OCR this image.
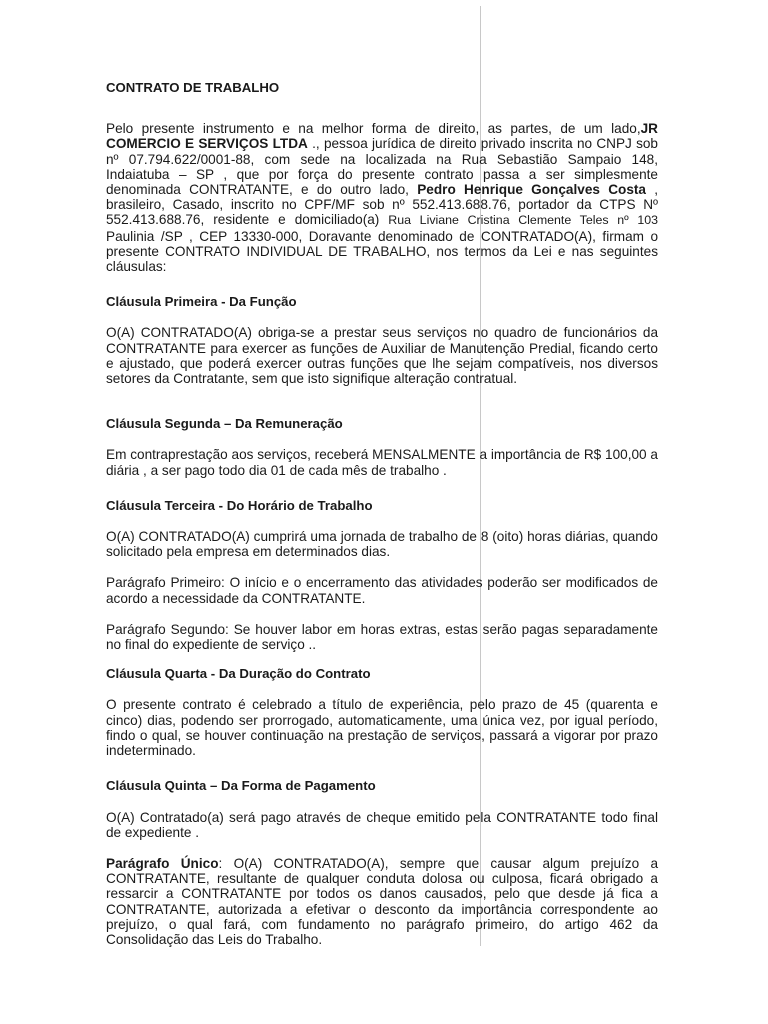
CONTRATO DE TRABALHO

Pelo presente instrumento e na melhor forma de direito, as partes, de um lado,JR COMERCIO E SERVIÇOS LTDA ., pessoa jurídica de direito privado inscrita no CNPJ sob nº 07.794.622/0001-88, com sede na localizada na Rua Sebastião Sampaio 148, Indaiatuba – SP , que por força do presente contrato passa a ser simplesmente denominada CONTRATANTE, e do outro lado, Pedro Henrique Gonçalves Costa , brasileiro, Casado, inscrito no CPF/MF sob nº 552.413.688.76, portador da CTPS Nº 552.413.688.76, residente e domiciliado(a) Rua Liviane Cristina Clemente Teles nº 103 Paulinia /SP , CEP 13330-000, Doravante denominado de CONTRATADO(A), firmam o presente CONTRATO INDIVIDUAL DE TRABALHO, nos termos da Lei e nas seguintes cláusulas:

Cláusula Primeira - Da Função

O(A) CONTRATADO(A) obriga-se a prestar seus serviços no quadro de funcionários da CONTRATANTE para exercer as funções de Auxiliar de Manutenção Predial, ficando certo e ajustado, que poderá exercer outras funções que lhe sejam compatíveis, nos diversos setores da Contratante, sem que isto signifique alteração contratual.

Cláusula Segunda – Da Remuneração

Em contraprestação aos serviços, receberá MENSALMENTE a importância de R$ 100,00 a diária , a ser pago todo dia 01 de cada mês de trabalho .

Cláusula Terceira - Do Horário de Trabalho

O(A) CONTRATADO(A) cumprirá uma jornada de trabalho de 8 (oito) horas diárias, quando solicitado pela empresa em determinados dias.

Parágrafo Primeiro: O início e o encerramento das atividades poderão ser modificados de acordo a necessidade da CONTRATANTE.

Parágrafo Segundo: Se houver labor em horas extras, estas serão pagas separadamente no final do expediente de serviço ..

Cláusula Quarta - Da Duração do Contrato

O presente contrato é celebrado a título de experiência, pelo prazo de 45 (quarenta e cinco) dias, podendo ser prorrogado, automaticamente, uma única vez, por igual período, findo o qual, se houver continuação na prestação de serviços, passará a vigorar por prazo indeterminado.

Cláusula Quinta – Da Forma de Pagamento

O(A) Contratado(a) será pago através de cheque emitido pela CONTRATANTE todo final de expediente .

Parágrafo Único: O(A) CONTRATADO(A), sempre que causar algum prejuízo a CONTRATANTE, resultante de qualquer conduta dolosa ou culposa, ficará obrigado a ressarcir a CONTRATANTE por todos os danos causados, pelo que desde já fica a CONTRATANTE, autorizada a efetivar o desconto da importância correspondente ao prejuízo, o qual fará, com fundamento no parágrafo primeiro, do artigo 462 da Consolidação das Leis do Trabalho.
